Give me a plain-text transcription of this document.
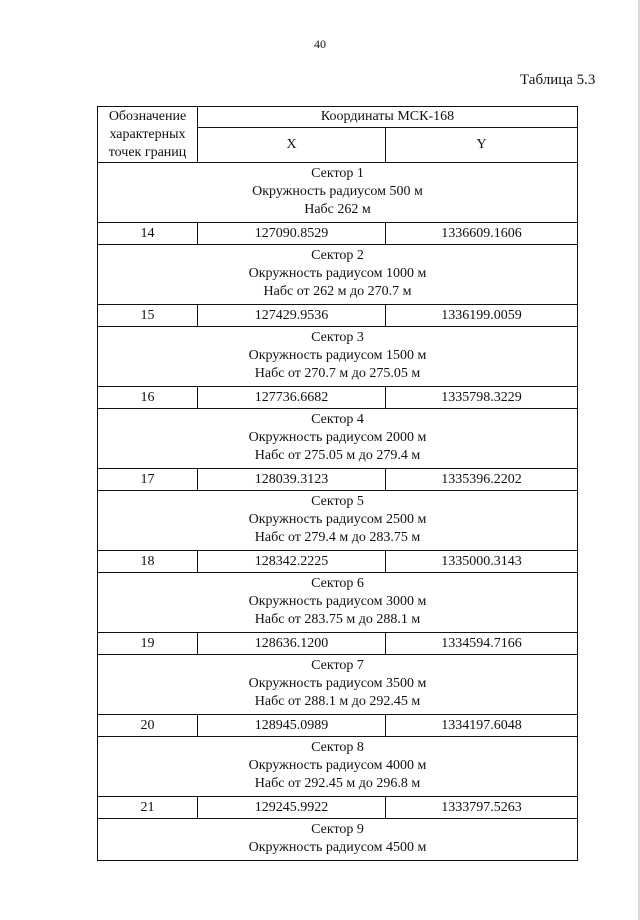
40
Таблица 5.3
Обозначение
характерных
точек границ	Координаты МСК-168	
	X	Y

Сектор 1
Окружность радиусом 500 м
Набс 262 м		

14	127090.8529	1336609.1606

Сектор 2
Окружность радиусом 1000 м
Набс от 262 м до 270.7 м		

15	127429.9536	1336199.0059

Сектор 3
Окружность радиусом 1500 м
Набс от 270.7 м до 275.05 м		

16	127736.6682	1335798.3229

Сектор 4
Окружность радиусом 2000 м
Набс от 275.05 м до 279.4 м		

17	128039.3123	1335396.2202

Сектор 5
Окружность радиусом 2500 м
Набс от 279.4 м до 283.75 м		

18	128342.2225	1335000.3143

Сектор 6
Окружность радиусом 3000 м
Набс от 283.75 м до 288.1 м		

19	128636.1200	1334594.7166

Сектор 7
Окружность радиусом 3500 м
Набс от 288.1 м до 292.45 м		

20	128945.0989	1334197.6048

Сектор 8
Окружность радиусом 4000 м
Набс от 292.45 м до 296.8 м		

21	129245.9922	1333797.5263

Сектор 9
Окружность радиусом 4500 м		
